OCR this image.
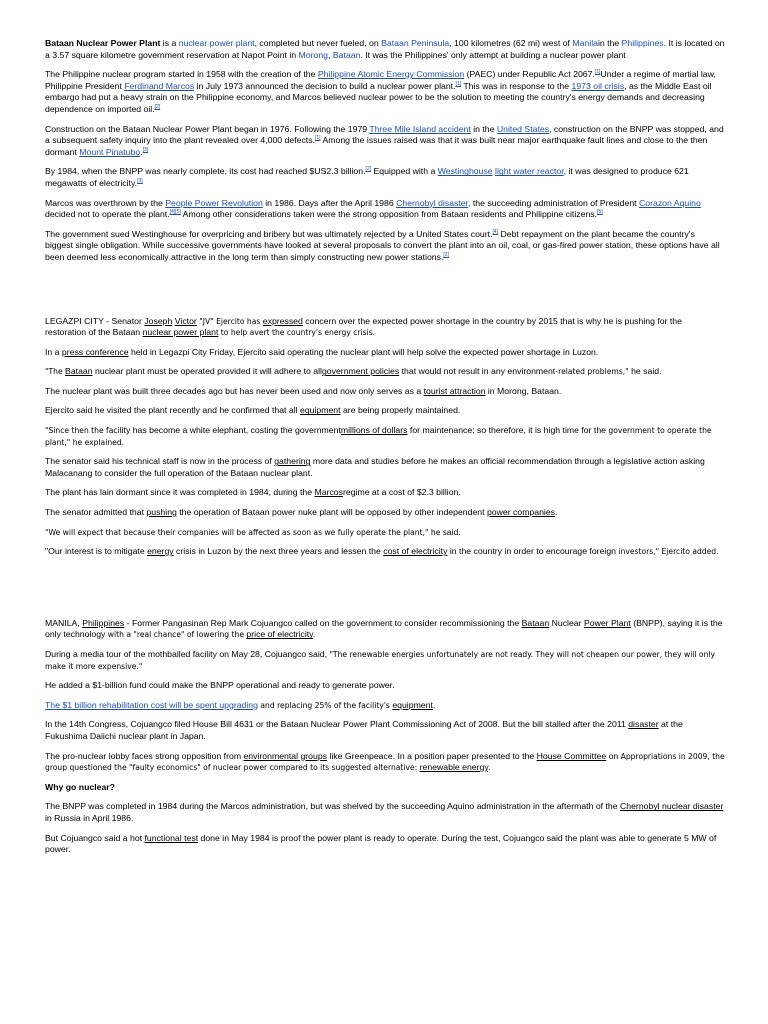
Bataan Nuclear Power Plant is a nuclear power plant, completed but never fueled, on Bataan Peninsula, 100 kilometres (62 mi) west of Manilain the Philippines. It is located on a 3.57 square kilometre government reservation at Napot Point in Morong, Bataan. It was the Philippines' only attempt at building a nuclear power plant

The Philippine nuclear program started in 1958 with the creation of the Philippine Atomic Energy Commission (PAEC) under Republic Act 2067.[1]Under a regime of martial law, Philippine President Ferdinand Marcos in July 1973 announced the decision to build a nuclear power plant.[1] This was in response to the 1973 oil crisis, as the Middle East oil embargo had put a heavy strain on the Philippine economy, and Marcos believed nuclear power to be the solution to meeting the country's energy demands and decreasing dependence on imported oil.[2]

Construction on the Bataan Nuclear Power Plant began in 1976. Following the 1979 Three Mile Island accident in the United States, construction on the BNPP was stopped, and a subsequent safety inquiry into the plant revealed over 4,000 defects.[1] Among the issues raised was that it was built near major earthquake fault lines and close to the then dormant Mount Pinatubo.[3]

By 1984, when the BNPP was nearly complete, its cost had reached $US2.3 billion.[2] Equipped with a Westinghouse light water reactor, it was designed to produce 621 megawatts of electricity.[3]

Marcos was overthrown by the People Power Revolution in 1986. Days after the April 1986 Chernobyl disaster, the succeeding administration of President Corazon Aquino decided not to operate the plant.[4][5] Among other considerations taken were the strong opposition from Bataan residents and Philippine citizens.[5]

The government sued Westinghouse for overpricing and bribery but was ultimately rejected by a United States court.[4] Debt repayment on the plant became the country's biggest single obligation. While successive governments have looked at several proposals to convert the plant into an oil, coal, or gas-fired power station, these options have all been deemed less economically attractive in the long term than simply constructing new power stations.[2]

LEGAZPI CITY - Senator Joseph Victor "JV" Ejercito has expressed concern over the expected power shortage in the country by 2015 that is why he is pushing for the restoration of the Bataan nuclear power plant to help avert the country's energy crisis.

In a press conference held in Legazpi City Friday, Ejercito said operating the nuclear plant will help solve the expected power shortage in Luzon.

"The Bataan nuclear plant must be operated provided it will adhere to allgovernment policies that would not result in any environment-related problems," he said.

The nuclear plant was built three decades ago but has never been used and now only serves as a tourist attraction in Morong, Bataan.

Ejercito said he visited the plant recently and he confirmed that all equipment are being properly maintained.

"Since then the facility has become a white elephant, costing the governmentmillions of dollars for maintenance; so therefore, it is high time for the government to operate the plant," he explained.

The senator said his technical staff is now in the process of gathering more data and studies before he makes an official recommendation through a legislative action asking Malacanang to consider the full operation of the Bataan nuclear plant.

The plant has lain dormant since it was completed in 1984, during the Marcosregime at a cost of $2.3 billion.

The senator admitted that pushing the operation of Bataan power nuke plant will be opposed by other independent power companies.

"We will expect that because their companies will be affected as soon as we fully operate the plant," he said.

"Our interest is to mitigate energy crisis in Luzon by the next three years and lessen the cost of electricity in the country in order to encourage foreign investors," Ejercito added.

MANILA, Philippines - Former Pangasinan Rep Mark Cojuangco called on the government to consider recommissioning the Bataan Nuclear Power Plant (BNPP), saying it is the only technology with a "real chance" of lowering the price of electricity.

During a media tour of the mothballed facility on May 28, Cojuangco said, "The renewable energies unfortunately are not ready. They will not cheapen our power, they will only make it more expensive."

He added a $1-billion fund could make the BNPP operational and ready to generate power.

The $1 billion rehabilitation cost will be spent upgrading and replacing 25% of the facility's equipment.

In the 14th Congress, Cojuangco filed House Bill 4631 or the Bataan Nuclear Power Plant Commissioning Act of 2008. But the bill stalled after the 2011 disaster at the Fukushima Daiichi nuclear plant in Japan.

The pro-nuclear lobby faces strong opposition from environmental groups like Greenpeace. In a position paper presented to the House Committee on Appropriations in 2009, the group questioned the "faulty economics" of nuclear power compared to its suggested alternative: renewable energy.

Why go nuclear?

The BNPP was completed in 1984 during the Marcos administration, but was shelved by the succeeding Aquino administration in the aftermath of the Chernobyl nuclear disaster in Russia in April 1986.

But Cojuangco said a hot functional test done in May 1984 is proof the power plant is ready to operate. During the test, Cojuangco said the plant was able to generate 5 MW of power.
